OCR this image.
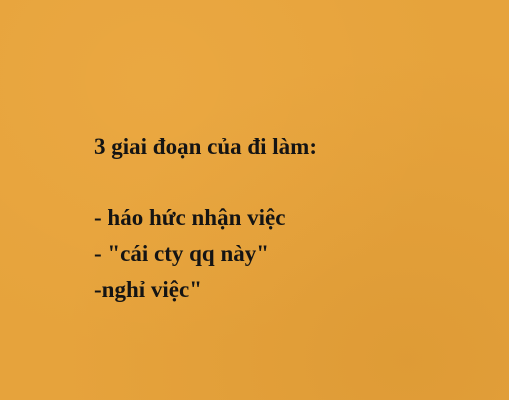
3 giai đoạn của đi làm:

- háo hức nhận việc

- "cái cty qq này"

-nghỉ việc"
